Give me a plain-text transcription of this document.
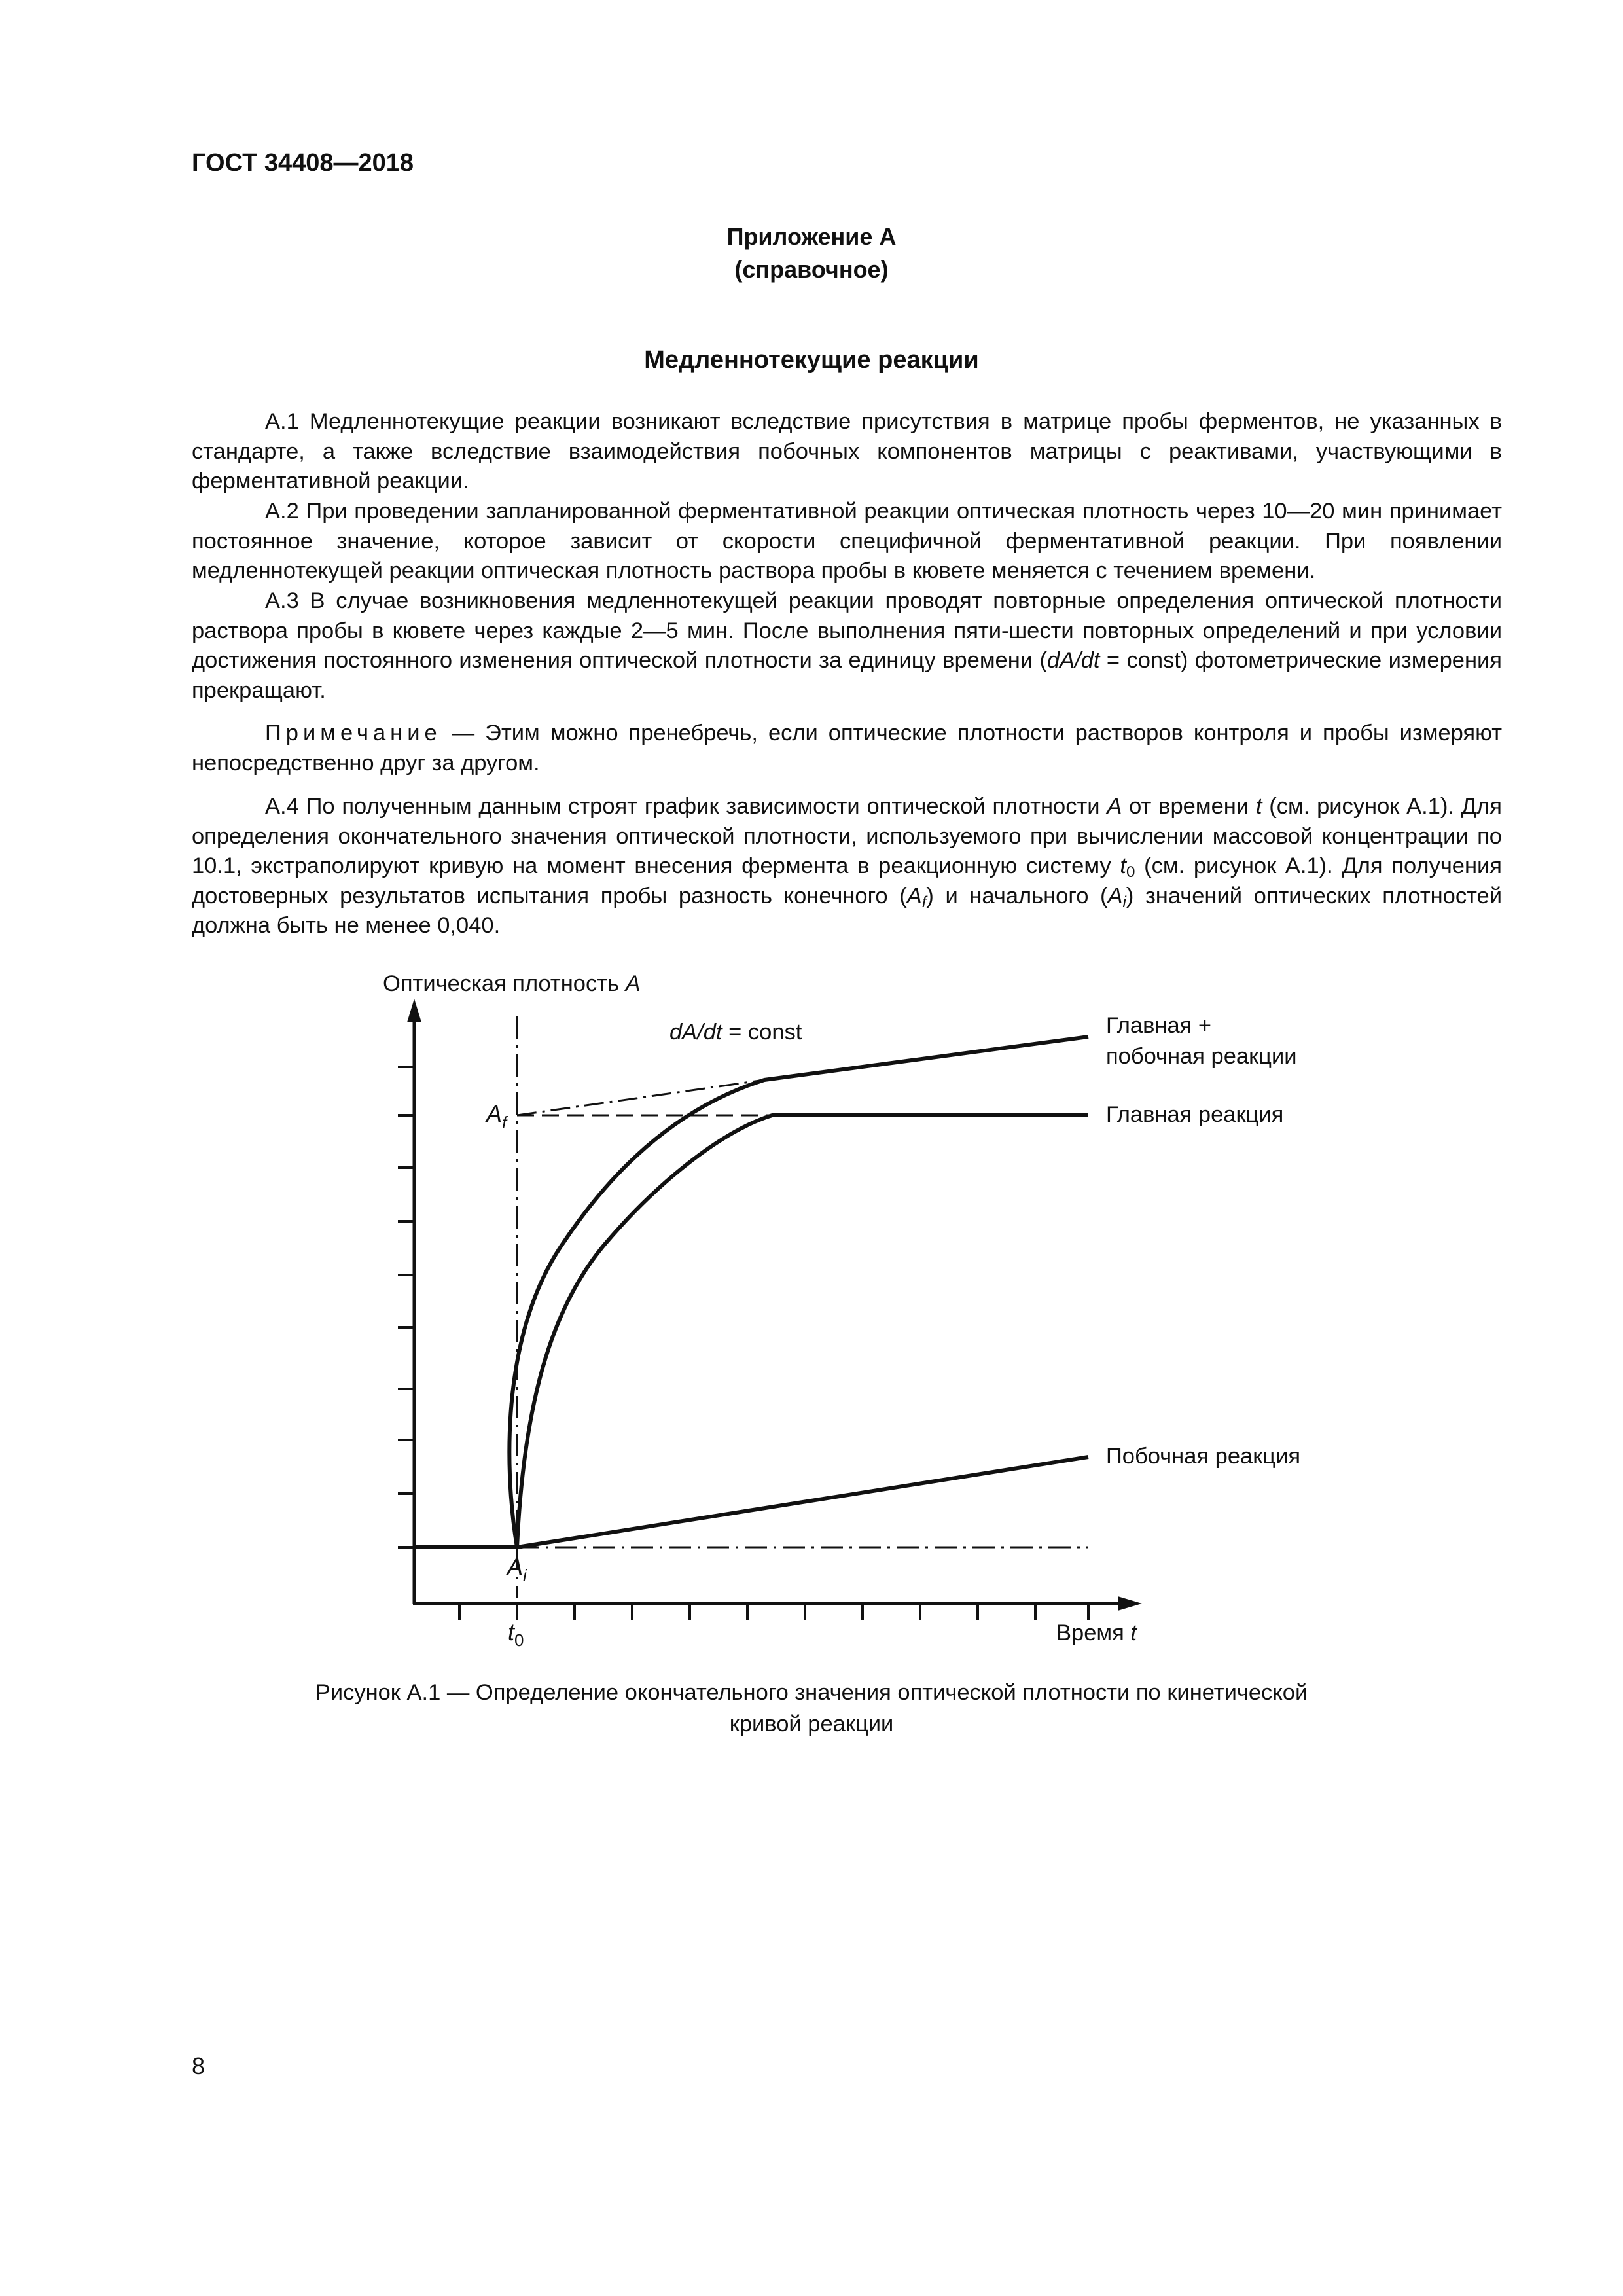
ГОСТ 34408—2018
Приложение А
(справочное)
Медленнотекущие реакции
А.1 Медленнотекущие реакции возникают вследствие присутствия в матрице пробы ферментов, не указанных в стандарте, а также вследствие взаимодействия побочных компонентов матрицы с реактивами, участвующими в ферментативной реакции.
А.2 При проведении запланированной ферментативной реакции оптическая плотность через 10—20 мин принимает постоянное значение, которое зависит от скорости специфичной ферментативной реакции. При появлении медленнотекущей реакции оптическая плотность раствора пробы в кювете меняется с течением времени.
А.3 В случае возникновения медленнотекущей реакции проводят повторные определения оптической плотности раствора пробы в кювете через каждые 2—5 мин. После выполнения пяти-шести повторных определений и при условии достижения постоянного изменения оптической плотности за единицу времени (dA/dt = const) фотометрические измерения прекращают.
Примечание — Этим можно пренебречь, если оптические плотности растворов контроля и пробы измеряют непосредственно друг за другом.
А.4 По полученным данным строят график зависимости оптической плотности A от времени t (см. рисунок А.1). Для определения окончательного значения оптической плотности, используемого при вычислении массовой концентрации по 10.1, экстраполируют кривую на момент внесения фермента в реакционную систему $t_0$ (см. рисунок А.1). Для получения достоверных результатов испытания пробы разность конечного $(A_f)$ и начального $(A_i)$ значений оптических плотностей должна быть не менее 0,040.
Оптическая плотность A
Время t
$t_0$
$A_f$
$A_i$
dA/dt = const	Главная +
побочная реакции
Главная реакция
Побочная реакция
Рисунок А.1 — Определение окончательного значения оптической плотности по кинетической
кривой реакции
8
